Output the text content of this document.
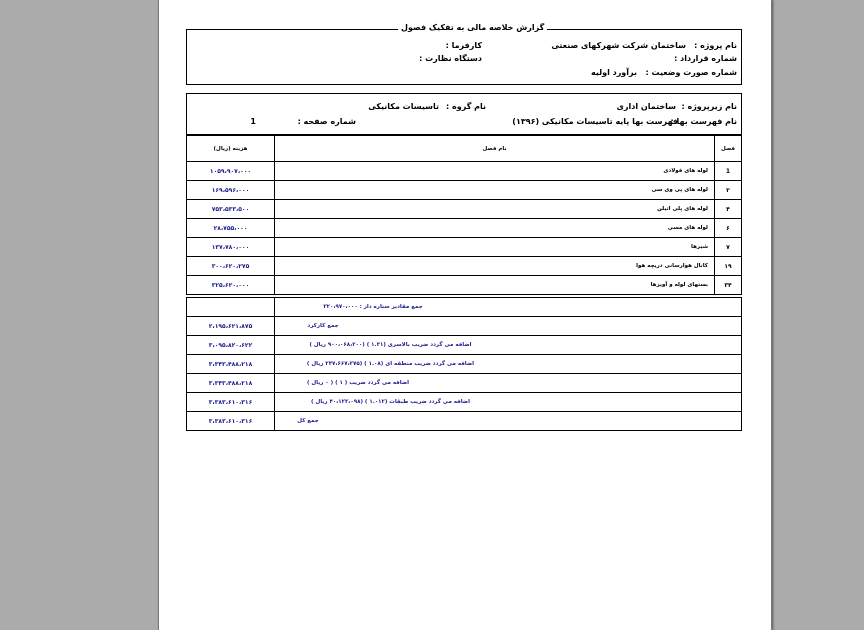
گزارش خلاصه مالی به تفکیک فصول
نام پروژه :
ساختمان شرکت شهرکهای صنعتی
کارفرما :
شماره قرارداد :
دستگاه نظارت :
شماره صورت وضعیت :
برآورد اولیه
نام زیرپروژه :
ساختمان اداری
نام گروه :
تاسیسات مکانیکی
نام فهرست بها :
فهرست بها پایه تاسیسات مکانیکی (۱۳۹۶)
شماره صفحه :
1
هزینه (ریال)	نام فصل	فصل
۱۰۵۹،۹۰۷،۰۰۰	لوله های فولادی	1
۱۶۹،۵۹۶،۰۰۰	لوله های پی وی سی	۲
۷۵۳،۵۳۳،۵۰۰	لوله های پلی اتیلن	۴
۲۸،۷۵۵،۰۰۰	لوله های مسی	۶
۱۳۷،۷۸۰،۰۰۰	شیرها	۷
۳۰۰،۶۲۰،۲۷۵	کانال هوارسانی دریچه هوا	۱۹
۳۲۵،۶۲۰،۰۰۰	بستهای لوله و آویزها	۳۴
جمع مقادیر ستاره دار : ۲۲۰،۹۷۰،۰۰۰
۲،۱۹۵،۶۲۱،۸۷۵	جمع کارکرد
۳،۰۹۵،۸۲۰،۶۲۲	اضافه می گردد ضریب بالاسری (۱.۳۱ ) (۹۰۰،۰۶۸،۲۰۰ ریال )
۳،۳۴۳،۴۸۸،۲۱۸	اضافه می گردد ضریب منطقه ای (۱.۰۸ ) (۲۴۷،۶۶۷،۲۷۵ ریال )
۳،۳۴۳،۴۸۸،۲۱۸	اضافه می گردد ضریب ( ۱ ) ( ۰ ریال )
۳،۳۸۳،۶۱۰،۳۱۶	اضافه می گردد ضریب طبقات (۱.۰۱۲ ) (۴۰،۱۲۲،۰۹۸ ریال )
۳،۳۸۳،۶۱۰،۳۱۶	جمع کل
